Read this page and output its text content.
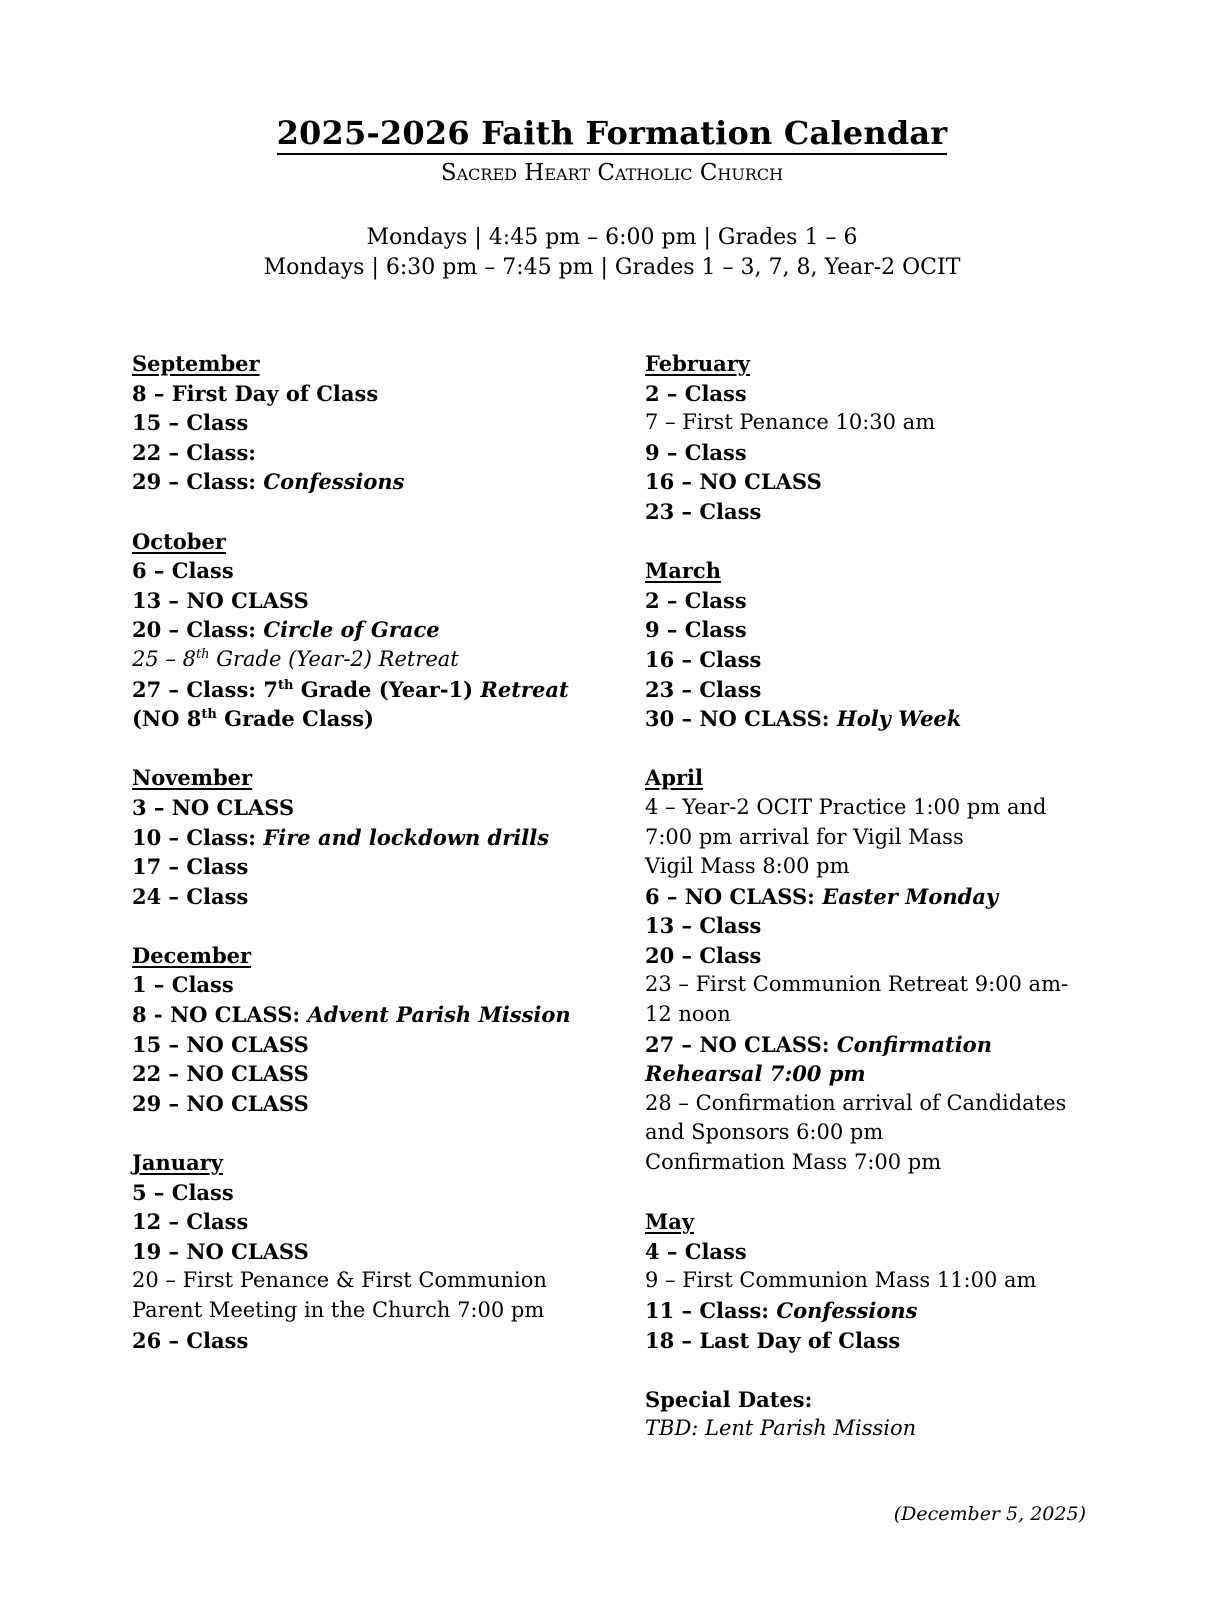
2025-2026 Faith Formation Calendar
Sacred Heart Catholic Church
Mondays | 4:45 pm – 6:00 pm | Grades 1 – 6
Mondays | 6:30 pm – 7:45 pm | Grades 1 – 3, 7, 8, Year-2 OCIT
September
8 – First Day of Class
15 – Class
22 – Class:
29 – Class: Confessions
October
6 – Class
13 – NO CLASS
20 – Class: Circle of Grace
25 – 8th Grade (Year-2) Retreat
27 – Class: 7th Grade (Year-1) Retreat
(NO 8th Grade Class)
November
3 – NO CLASS
10 – Class: Fire and lockdown drills
17 – Class
24 – Class
December
1 – Class
8 - NO CLASS: Advent Parish Mission
15 – NO CLASS
22 – NO CLASS
29 – NO CLASS
January
5 – Class
12 – Class
19 – NO CLASS
20 – First Penance & First Communion
Parent Meeting in the Church 7:00 pm
26 – Class
February
2 – Class
7 – First Penance 10:30 am
9 – Class
16 – NO CLASS
23 – Class
March
2 – Class
9 – Class
16 – Class
23 – Class
30 – NO CLASS: Holy Week
April
4 – Year-2 OCIT Practice 1:00 pm and
7:00 pm arrival for Vigil Mass
Vigil Mass 8:00 pm
6 – NO CLASS: Easter Monday
13 – Class
20 – Class
23 – First Communion Retreat 9:00 am-
12 noon
27 – NO CLASS: Confirmation
Rehearsal 7:00 pm
28 – Confirmation arrival of Candidates
and Sponsors 6:00 pm
Confirmation Mass 7:00 pm
May
4 – Class
9 – First Communion Mass 11:00 am
11 – Class: Confessions
18 – Last Day of Class
Special Dates:
TBD: Lent Parish Mission
(December 5, 2025)
